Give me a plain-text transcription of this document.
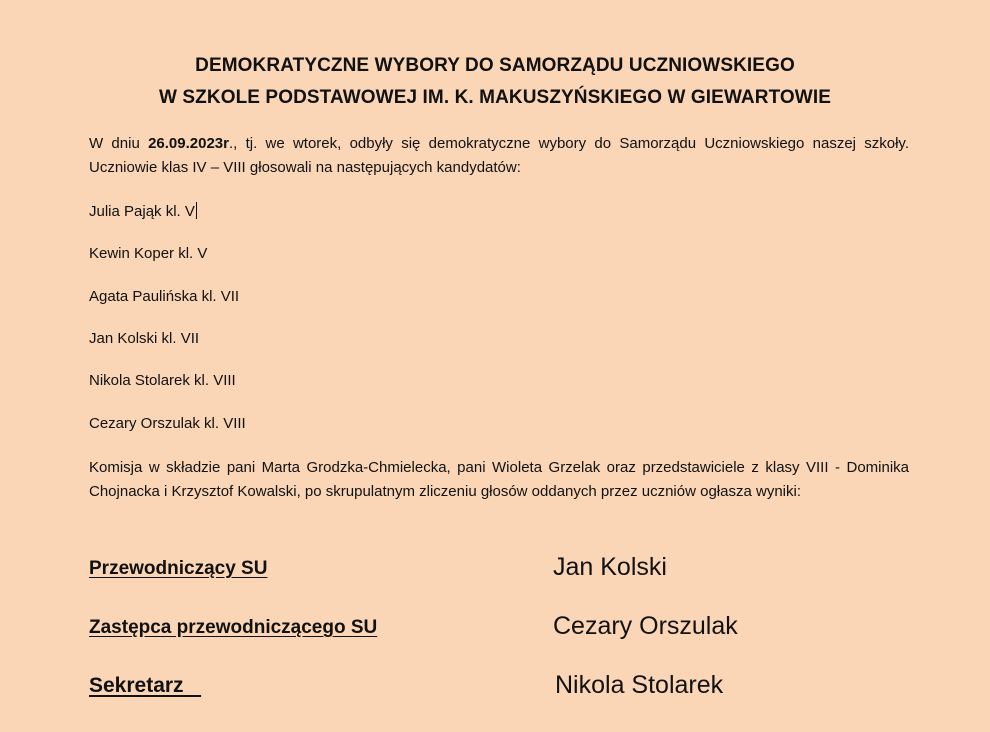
DEMOKRATYCZNE WYBORY DO SAMORZĄDU UCZNIOWSKIEGO
W SZKOLE PODSTAWOWEJ IM. K. MAKUSZYŃSKIEGO W GIEWARTOWIE
W dniu 26.09.2023r., tj. we wtorek, odbyły się demokratyczne wybory do Samorządu Uczniowskiego naszej szkoły. Uczniowie klas IV – VIII głosowali na następujących kandydatów:
Julia Pająk kl. V
Kewin Koper kl. V
Agata Paulińska kl. VII
Jan Kolski kl. VII
Nikola Stolarek kl. VIII
Cezary Orszulak kl. VIII
Komisja w składzie pani Marta Grodzka-Chmielecka, pani Wioleta Grzelak oraz przedstawiciele z klasy VIII - Dominika Chojnacka i Krzysztof Kowalski, po skrupulatnym zliczeniu głosów oddanych przez uczniów ogłasza wyniki:
Przewodniczący SU	Jan Kolski
Zastępca przewodniczącego SU	Cezary Orszulak
Sekretarz	Nikola Stolarek
